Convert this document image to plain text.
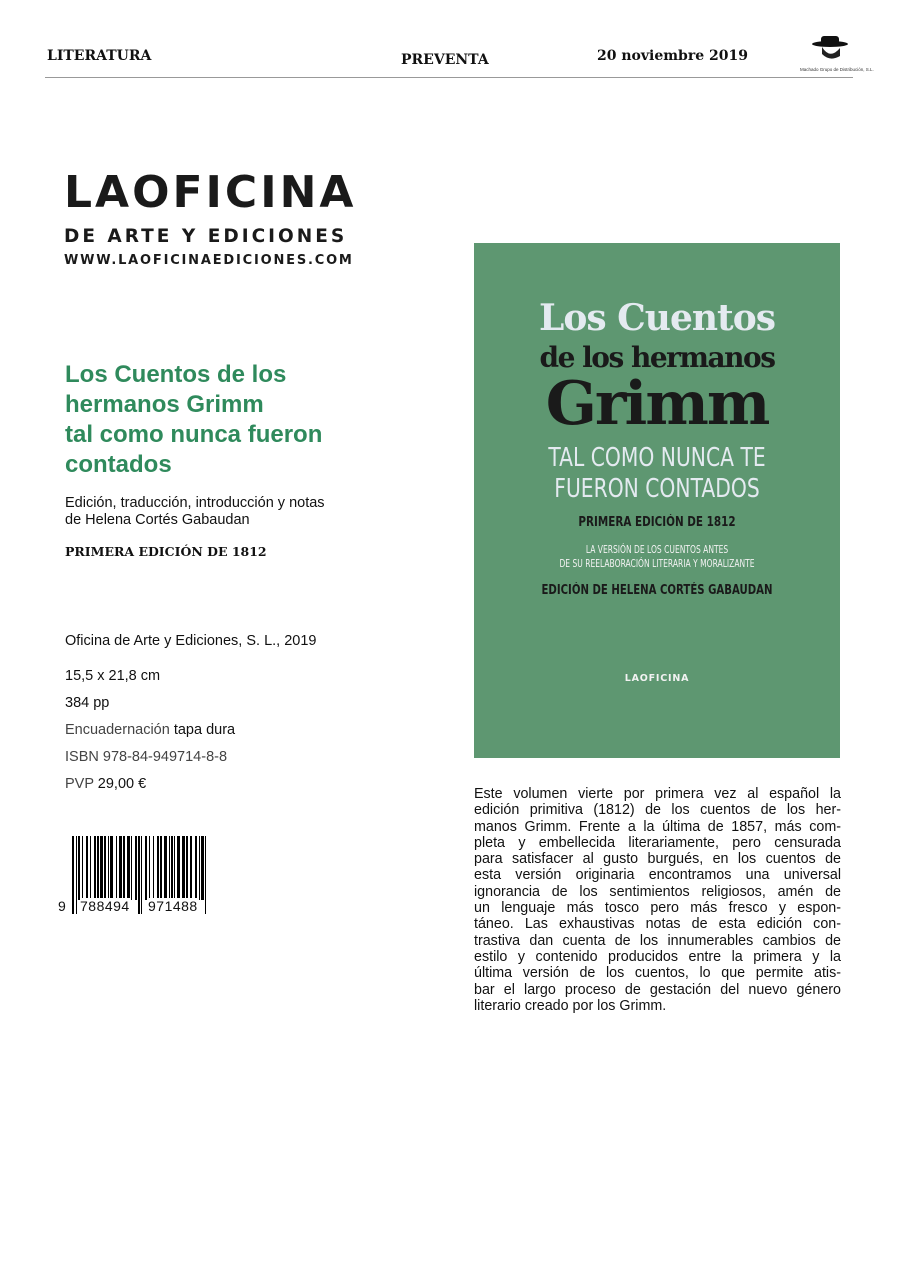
LITERATURA	PREVENTA	20 noviembre 2019
Machado Grupo de Distribución, S.L.
LAOFICINA
DE ARTE Y EDICIONES
WWW.LAOFICINAEDICIONES.COM
Los Cuentos de los
hermanos Grimm
tal como nunca fueron
contados
Edición, traducción, introducción y notas
de Helena Cortés Gabaudan
PRIMERA EDICIÓN DE 1812
Oficina de Arte y Ediciones, S. L., 2019
15,5 x 21,8 cm
384 pp
Encuadernación tapa dura
ISBN 978-84-949714-8-8
PVP 29,00 €
9 788494 971488
Los Cuentos
de los hermanos
Grimm
TAL COMO NUNCA TE
FUERON CONTADOS
PRIMERA EDICIÓN DE 1812
LA VERSIÓN DE LOS CUENTOS ANTES
DE SU REELABORACIÓN LITERARIA Y MORALIZANTE
EDICIÓN DE HELENA CORTÉS GABAUDAN
LAOFICINA
Este volumen vierte por primera vez al español la
edición primitiva (1812) de los cuentos de los her-
manos Grimm. Frente a la última de 1857, más com-
pleta y embellecida literariamente, pero censurada
para satisfacer al gusto burgués, en los cuentos de
esta versión originaria encontramos una universal
ignorancia de los sentimientos religiosos, amén de
un lenguaje más tosco pero más fresco y espon-
táneo. Las exhaustivas notas de esta edición con-
trastiva dan cuenta de los innumerables cambios de
estilo y contenido producidos entre la primera y la
última versión de los cuentos, lo que permite atis-
bar el largo proceso de gestación del nuevo género
literario creado por los Grimm.
